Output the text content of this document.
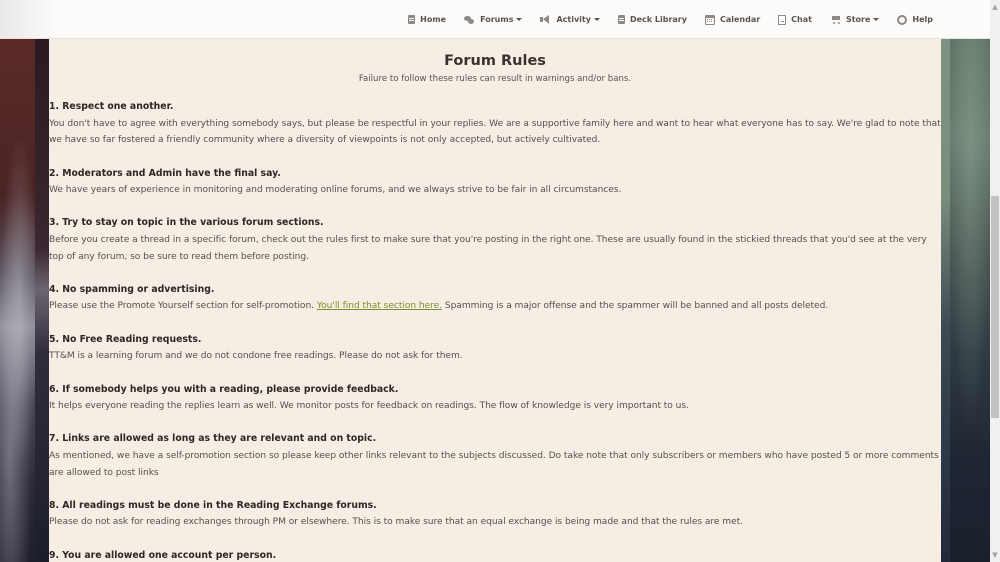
Home	Forums	Activity	Deck Library	Calendar	Chat	Store	Help
Forum Rules

Failure to follow these rules can result in warnings and/or bans.

1. Respect one another.
You don't have to agree with everything somebody says, but please be respectful in your replies. We are a supportive family here and want to hear what everyone has to say. We're glad to note that we have so far fostered a friendly community where a diversity of viewpoints is not only accepted, but actively cultivated.
2. Moderators and Admin have the final say.
We have years of experience in monitoring and moderating online forums, and we always strive to be fair in all circumstances.
3. Try to stay on topic in the various forum sections.
Before you create a thread in a specific forum, check out the rules first to make sure that you're posting in the right one. These are usually found in the stickied threads that you'd see at the very top of any forum, so be sure to read them before posting.
4. No spamming or advertising.
Please use the Promote Yourself section for self-promotion. You'll find that section here. Spamming is a major offense and the spammer will be banned and all posts deleted.
5. No Free Reading requests.
TT&M is a learning forum and we do not condone free readings. Please do not ask for them.
6. If somebody helps you with a reading, please provide feedback.
It helps everyone reading the replies learn as well. We monitor posts for feedback on readings. The flow of knowledge is very important to us.
7. Links are allowed as long as they are relevant and on topic.
As mentioned, we have a self-promotion section so please keep other links relevant to the subjects discussed. Do take note that only subscribers or members who have posted 5 or more comments are allowed to post links
8. All readings must be done in the Reading Exchange forums.
Please do not ask for reading exchanges through PM or elsewhere. This is to make sure that an equal exchange is being made and that the rules are met.
9. You are allowed one account per person.
▲
▼
